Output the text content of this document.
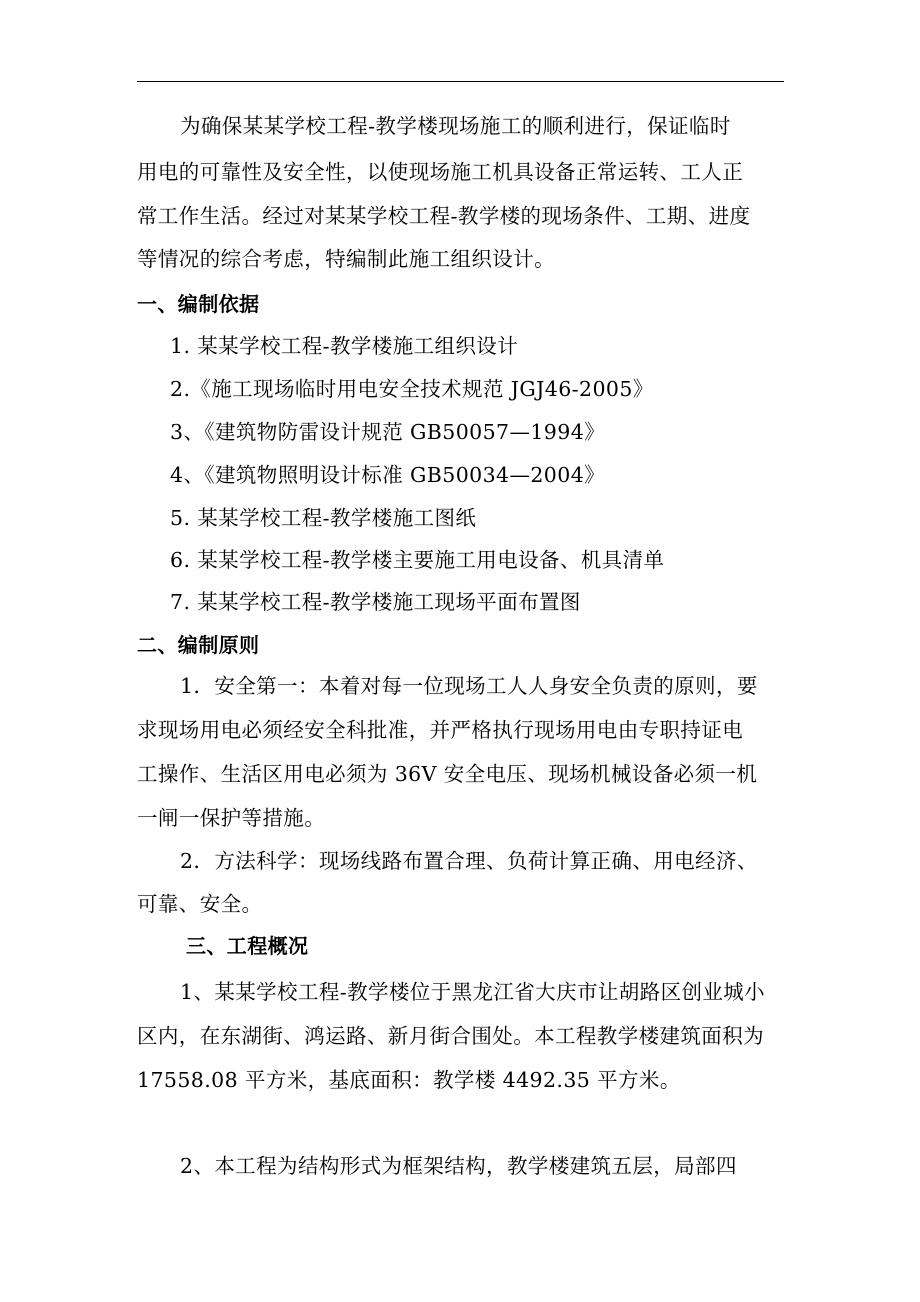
为确保某某学校工程-教学楼现场施工的顺利进行，保证临时
用电的可靠性及安全性，以使现场施工机具设备正常运转、工人正
常工作生活。经过对某某学校工程-教学楼的现场条件、工期、进度
等情况的综合考虑，特编制此施工组织设计。
一、编制依据
1. 某某学校工程-教学楼施工组织设计
2.《施工现场临时用电安全技术规范 JGJ46-2005》
3、《建筑物防雷设计规范 GB50057—1994》
4、《建筑物照明设计标准 GB50034—2004》
5. 某某学校工程-教学楼施工图纸
6. 某某学校工程-教学楼主要施工用电设备、机具清单
7. 某某学校工程-教学楼施工现场平面布置图
二、编制原则
1．安全第一：本着对每一位现场工人人身安全负责的原则，要
求现场用电必须经安全科批准，并严格执行现场用电由专职持证电
工操作、生活区用电必须为 36V 安全电压、现场机械设备必须一机
一闸一保护等措施。
2．方法科学：现场线路布置合理、负荷计算正确、用电经济、
可靠、安全。
三、工程概况
1、某某学校工程-教学楼位于黑龙江省大庆市让胡路区创业城小
区内，在东湖街、鸿运路、新月街合围处。本工程教学楼建筑面积为
17558.08 平方米，基底面积：教学楼 4492.35 平方米。
2、本工程为结构形式为框架结构，教学楼建筑五层，局部四
